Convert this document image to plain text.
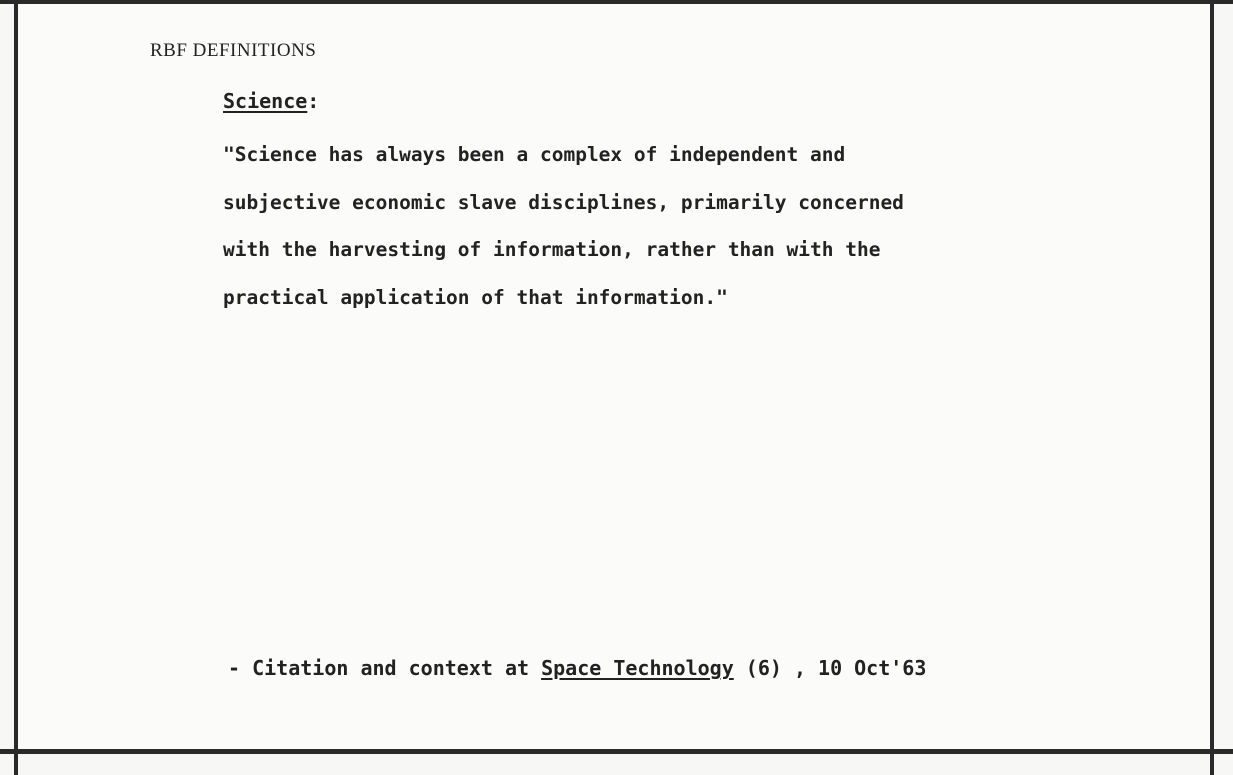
RBF DEFINITIONS
Science:
"Science has always been a complex of independent and
subjective economic slave disciplines, primarily concerned
with the harvesting of information, rather than with the
practical application of that information."
- Citation and context at Space Technology (6) , 10 Oct'63
